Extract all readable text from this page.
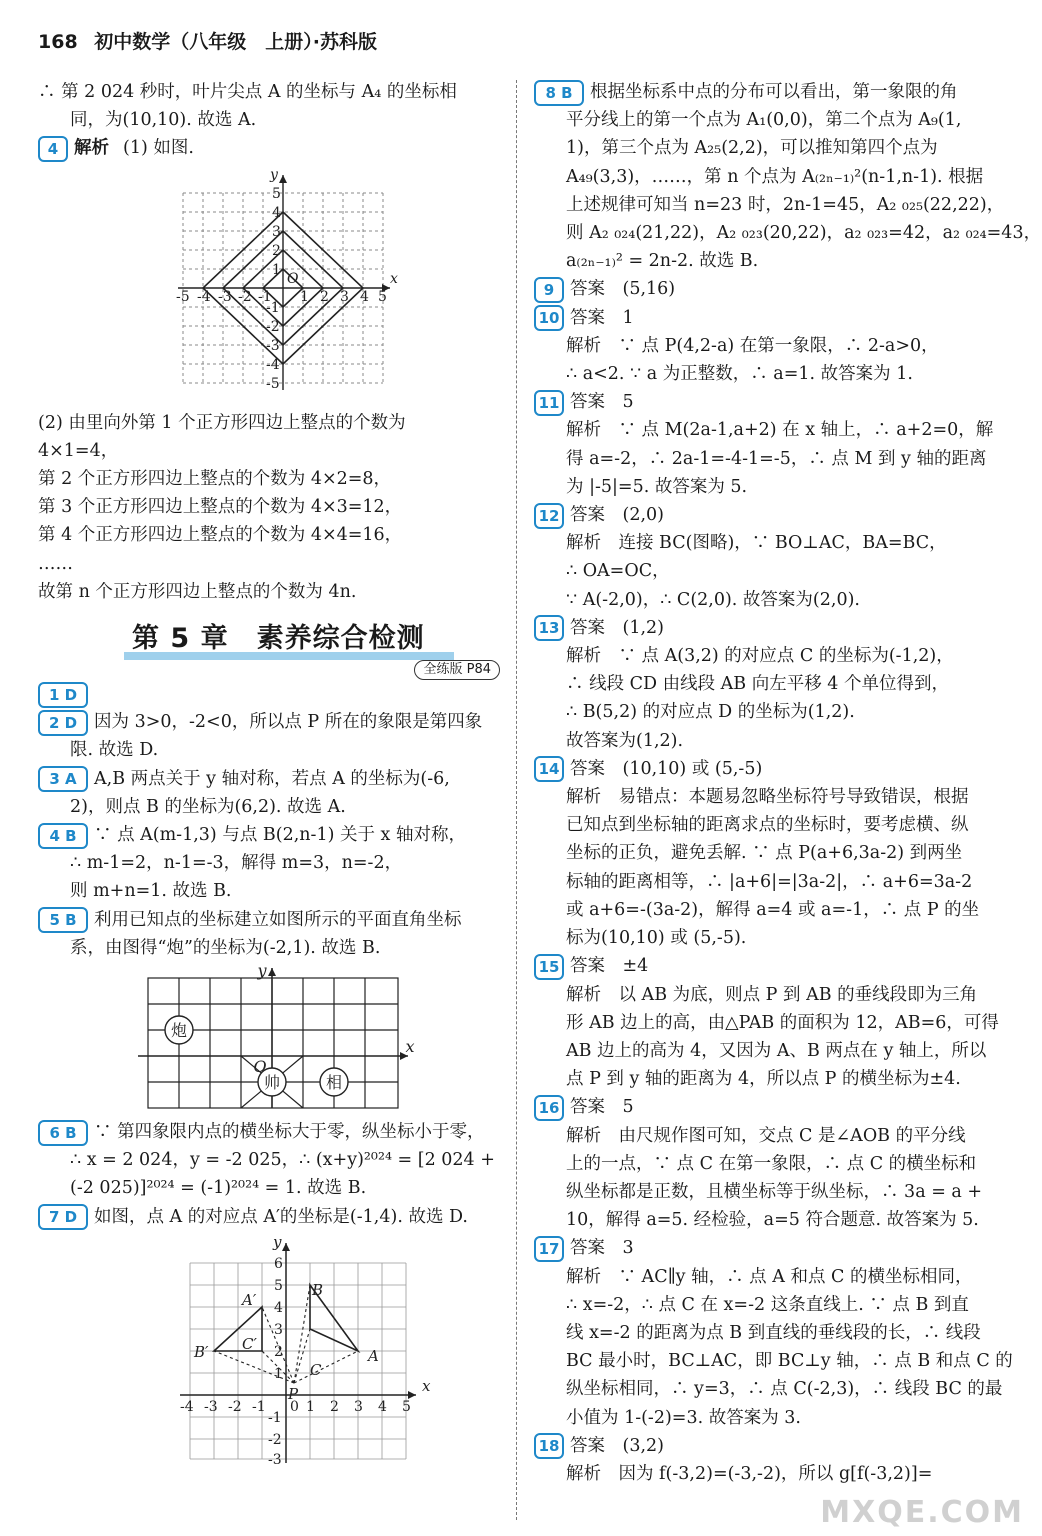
168 初中数学（八年级　上册）·苏科版
∴ 第 2 024 秒时，叶片尖点 A 的坐标与 A₄ 的坐标相
同，为(10,10). 故选 A.
4 解析 (1) 如图.
-5 -4 -3 -2 -1 1 2 3 4 5
5
4
3
2
1
-1
-2
-3
-4
-5
O	x
y
(2) 由里向外第 1 个正方形四边上整点的个数为
4×1=4，
第 2 个正方形四边上整点的个数为 4×2=8，
第 3 个正方形四边上整点的个数为 4×3=12，
第 4 个正方形四边上整点的个数为 4×4=16，
……
故第 n 个正方形四边上整点的个数为 4n.
第 5 章　素养综合检测
全练版 P84
1 D
2 D 因为 3>0，-2<0，所以点 P 所在的象限是第四象
限. 故选 D.
3 A A,B 两点关于 y 轴对称，若点 A 的坐标为(-6,
2)，则点 B 的坐标为(6,2). 故选 A.
4 B ∵ 点 A(m-1,3) 与点 B(2,n-1) 关于 x 轴对称，
∴ m-1=2，n-1=-3，解得 m=3，n=-2，
则 m+n=1. 故选 B.
5 B 利用已知点的坐标建立如图所示的平面直角坐标
系，由图得“炮”的坐标为(-2,1). 故选 B.
炮
帅	相
O
x
y
6 B ∵ 第四象限内点的横坐标大于零，纵坐标小于零，
∴ x = 2 024，y = -2 025，∴ (x+y)²⁰²⁴ = [2 024 +
(-2 025)]²⁰²⁴ = (-1)²⁰²⁴ = 1. 故选 B.
7 D 如图，点 A 的对应点 A′的坐标是(-1,4). 故选 D.
A′
B′ C′
B
C
A
P	x
y
-4 -3 -2 -1 0 1 2 3 4 5
6
5
4
3
2
1
-1
-2
-3
8 B 根据坐标系中点的分布可以看出，第一象限的角
平分线上的第一个点为 A₁(0,0)，第二个点为 A₉(1,
1)，第三个点为 A₂₅(2,2)，可以推知第四个点为
A₄₉(3,3)，……，第 n 个点为 A₍₂ₙ₋₁₎²(n-1,n-1). 根据
上述规律可知当 n=23 时，2n-1=45，A₂ ₀₂₅(22,22)，
则 A₂ ₀₂₄(21,22)，A₂ ₀₂₃(20,22)，a₂ ₀₂₃=42，a₂ ₀₂₄=43，
a₍₂ₙ₋₁₎² = 2n-2. 故选 B.
9 答案　(5,16)
10 答案　1
解析　∵ 点 P(4,2-a) 在第一象限，∴ 2-a>0，
∴ a<2. ∵ a 为正整数，∴ a=1. 故答案为 1.
11 答案　5
解析　∵ 点 M(2a-1,a+2) 在 x 轴上，∴ a+2=0，解
得 a=-2，∴ 2a-1=-4-1=-5，∴ 点 M 到 y 轴的距离
为 |-5|=5. 故答案为 5.
12 答案　(2,0)
解析　连接 BC(图略)，∵ BO⊥AC，BA=BC，
∴ OA=OC，
∵ A(-2,0)，∴ C(2,0). 故答案为(2,0).
13 答案　(1,2)
解析　∵ 点 A(3,2) 的对应点 C 的坐标为(-1,2)，
∴ 线段 CD 由线段 AB 向左平移 4 个单位得到，
∴ B(5,2) 的对应点 D 的坐标为(1,2).
故答案为(1,2).
14 答案　(10,10) 或 (5,-5)
解析　易错点：本题易忽略坐标符号导致错误，根据
已知点到坐标轴的距离求点的坐标时，要考虑横、纵
坐标的正负，避免丢解. ∵ 点 P(a+6,3a-2) 到两坐
标轴的距离相等，∴ |a+6|=|3a-2|，∴ a+6=3a-2
或 a+6=-(3a-2)，解得 a=4 或 a=-1，∴ 点 P 的坐
标为(10,10) 或 (5,-5).
15 答案　±4
解析　以 AB 为底，则点 P 到 AB 的垂线段即为三角
形 AB 边上的高，由△PAB 的面积为 12，AB=6，可得
AB 边上的高为 4，又因为 A、B 两点在 y 轴上，所以
点 P 到 y 轴的距离为 4，所以点 P 的横坐标为±4.
16 答案　5
解析　由尺规作图可知，交点 C 是∠AOB 的平分线
上的一点，∵ 点 C 在第一象限，∴ 点 C 的横坐标和
纵坐标都是正数，且横坐标等于纵坐标，∴ 3a = a +
10，解得 a=5. 经检验，a=5 符合题意. 故答案为 5.
17 答案　3
解析　∵ AC∥y 轴，∴ 点 A 和点 C 的横坐标相同，
∴ x=-2，∴ 点 C 在 x=-2 这条直线上. ∵ 点 B 到直
线 x=-2 的距离为点 B 到直线的垂线段的长，∴ 线段
BC 最小时，BC⊥AC，即 BC⊥y 轴，∴ 点 B 和点 C 的
纵坐标相同，∴ y=3，∴ 点 C(-2,3)，∴ 线段 BC 的最
小值为 1-(-2)=3. 故答案为 3.
18 答案　(3,2)
解析　因为 f(-3,2)=(-3,-2)，所以 g[f(-3,2)]=
MXQE.COM
